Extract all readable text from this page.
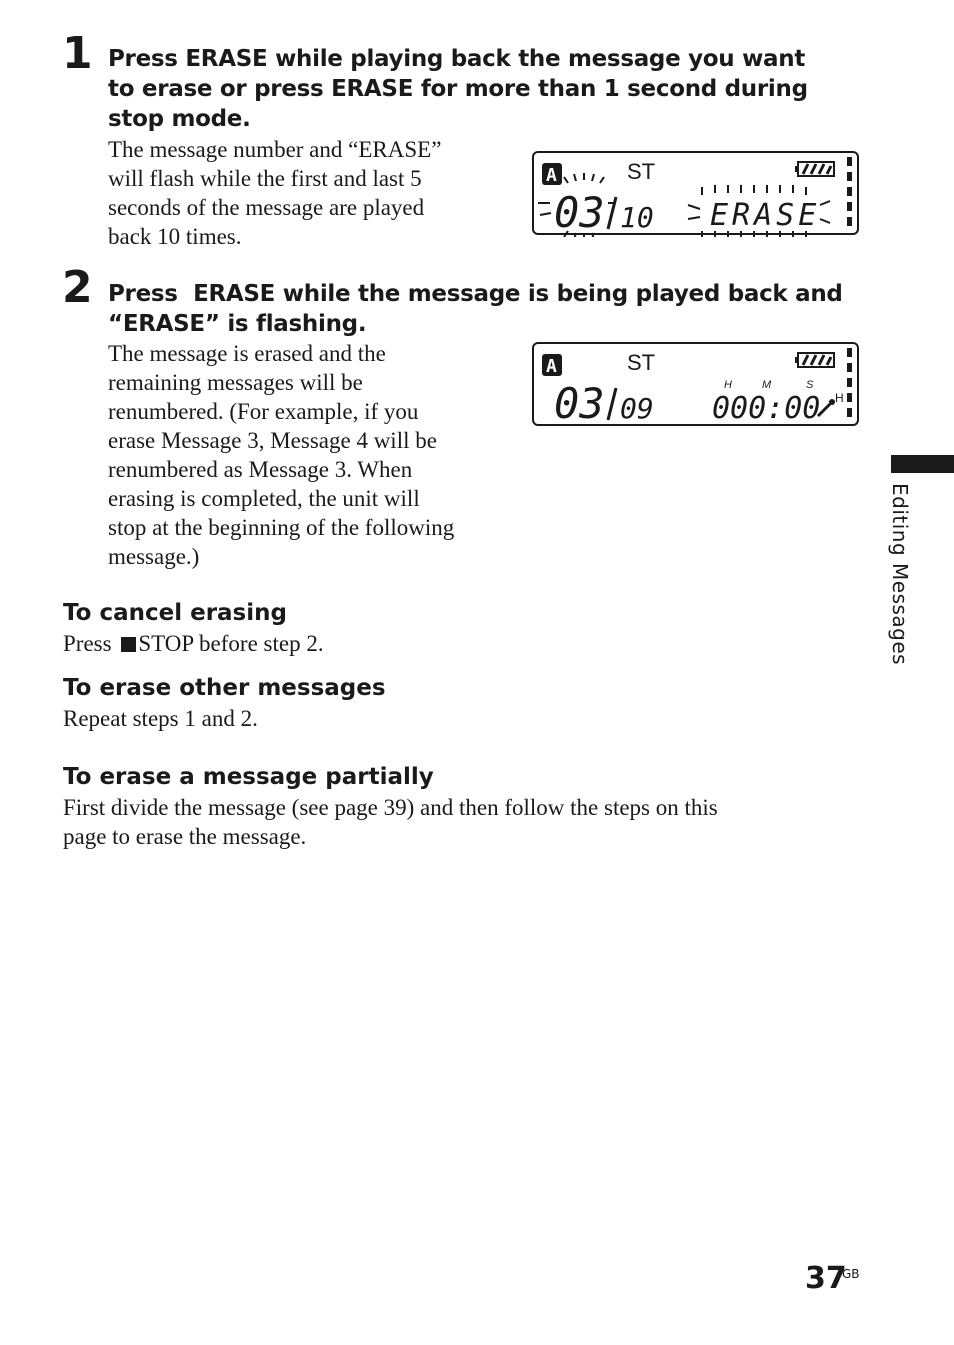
1 Press ERASE while playing back the message you want to erase or press ERASE for more than 1 second during stop mode.
The message number and “ERASE”
will flash while the first and last 5
seconds of the message are played
back 10 times.
A	ST
03 10 ERASE
2 Press  ERASE while the message is being played back and
“ERASE” is flashing.
The message is erased and the
remaining messages will be
renumbered. (For example, if you
erase Message 3, Message 4 will be
renumbered as Message 3. When
erasing is completed, the unit will
stop at the beginning of the following
message.)
A	ST
03 09
H	M	S
000:00 H
To cancel erasing
Press STOP before step 2.
To erase other messages
Repeat steps 1 and 2.
To erase a message partially
First divide the message (see page 39) and then follow the steps on this
page to erase the message.
Editing Messages
37
GB
